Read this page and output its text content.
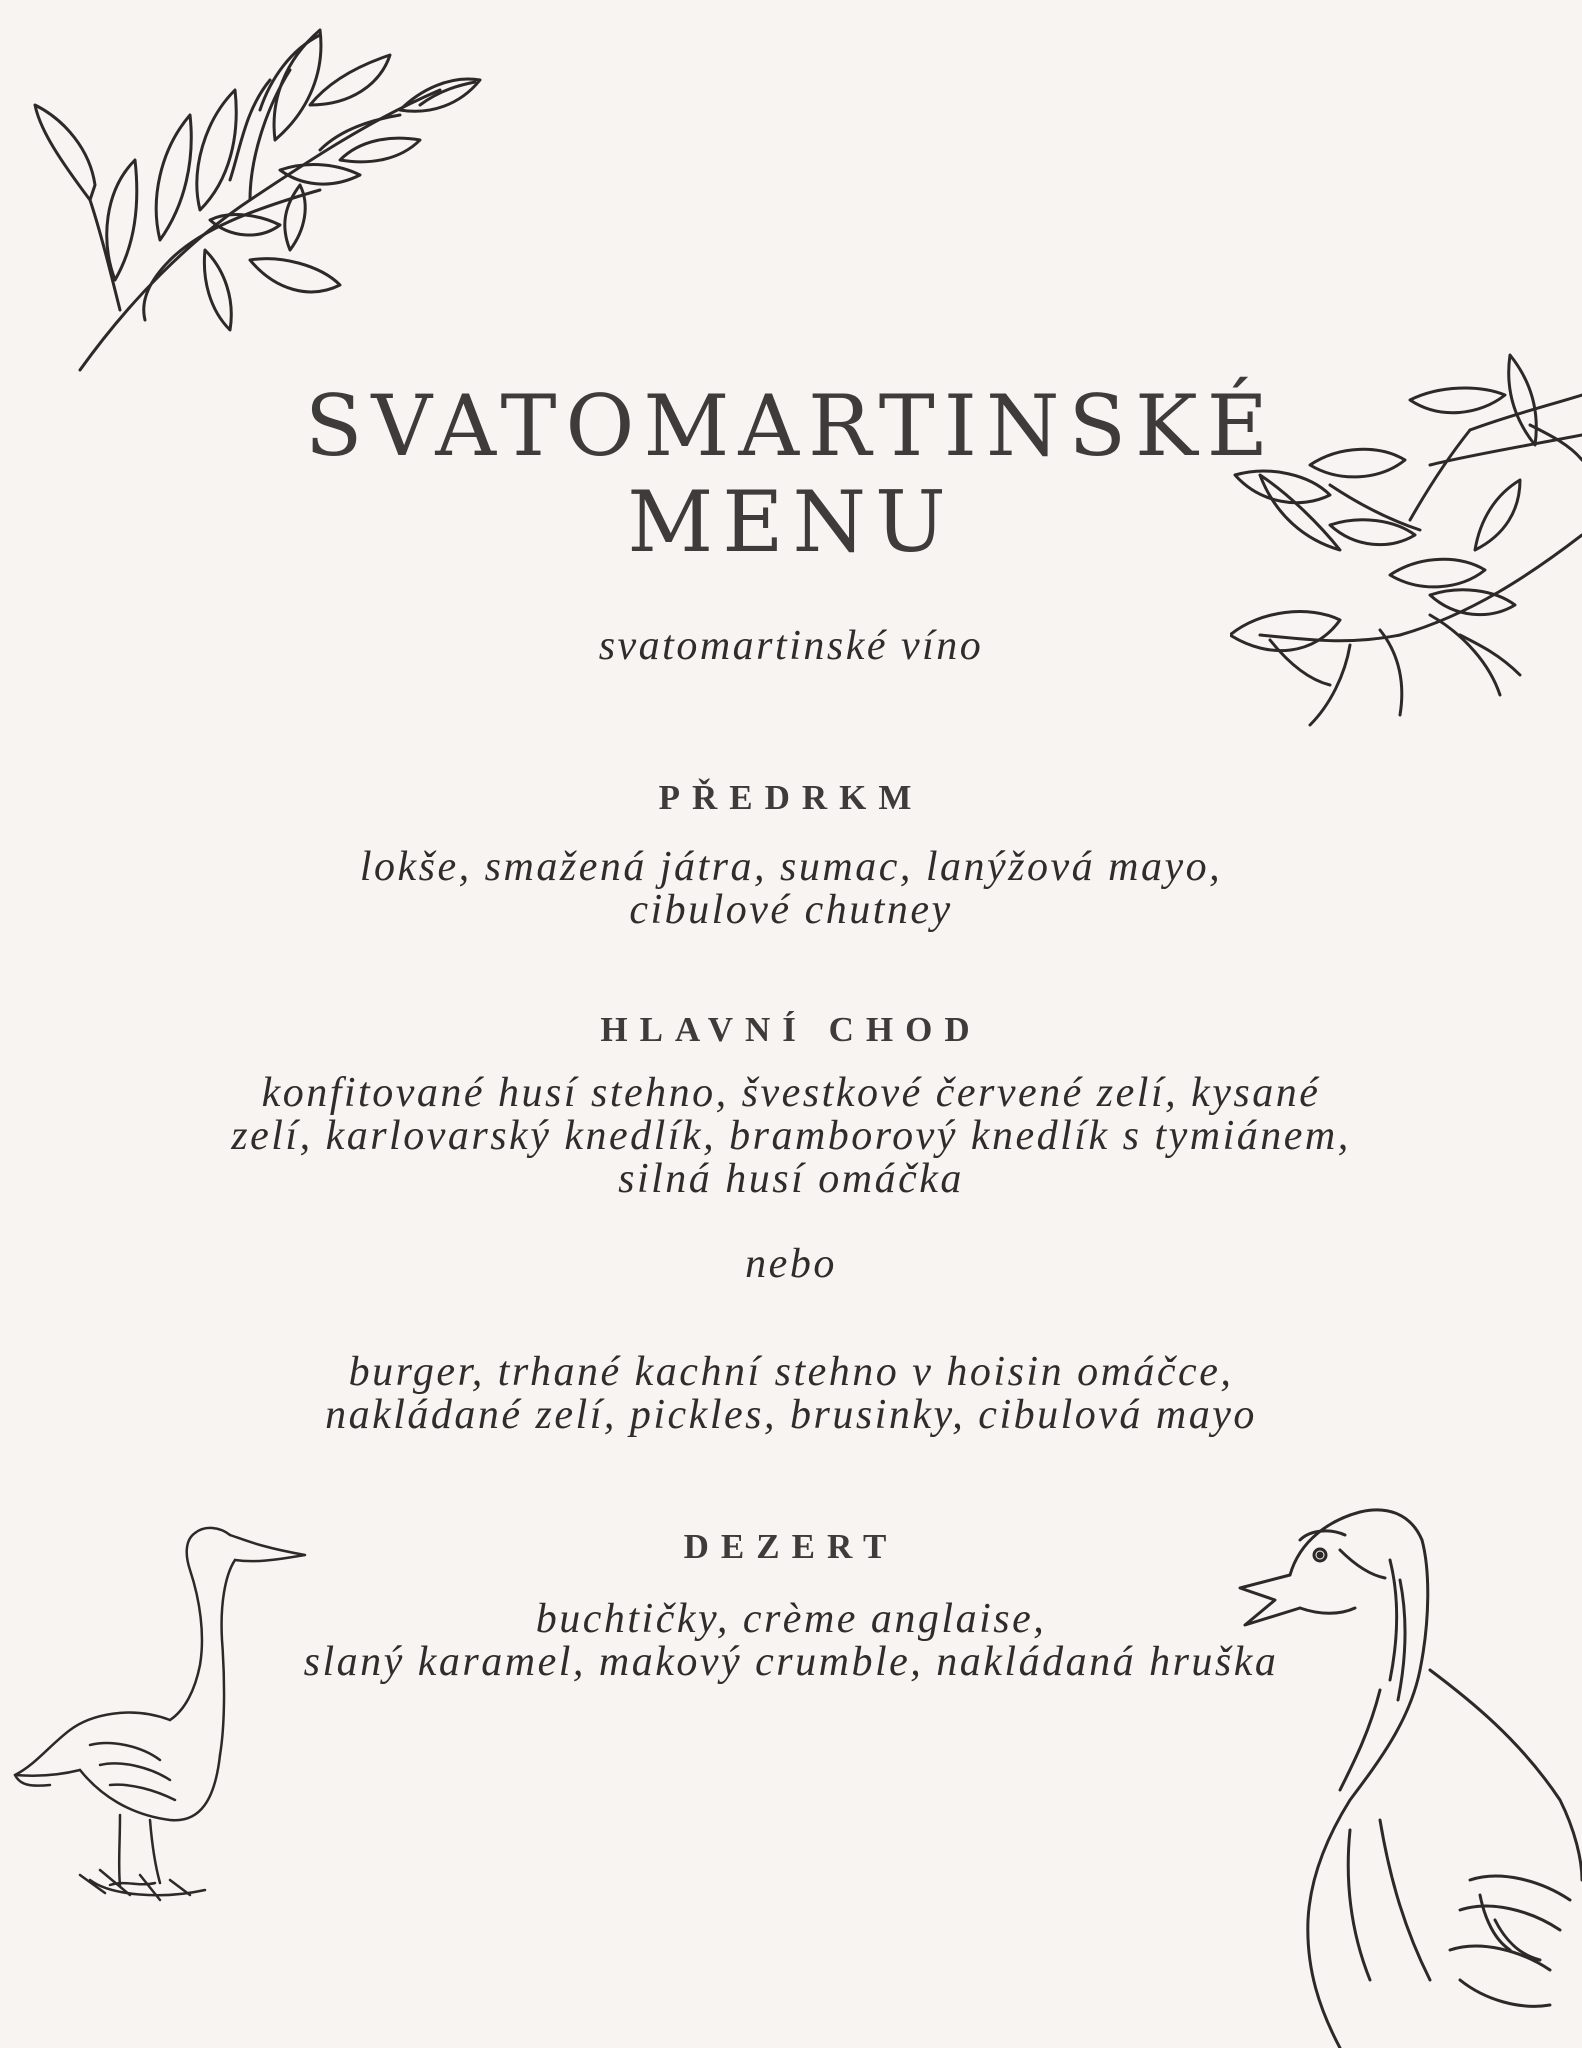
SVATOMARTINSKÉ
MENU

svatomartinské víno

PŘEDRKM

lokše, smažená játra, sumac, lanýžová mayo,
cibulové chutney

HLAVNÍ CHOD

konfitované husí stehno, švestkové červené zelí, kysané
zelí, karlovarský knedlík, bramborový knedlík s tymiánem,
silná husí omáčka

nebo

burger, trhané kachní stehno v hoisin omáčce,
nakládané zelí, pickles, brusinky, cibulová mayo

DEZERT

buchtičky, crème anglaise,
slaný karamel, makový crumble, nakládaná hruška
